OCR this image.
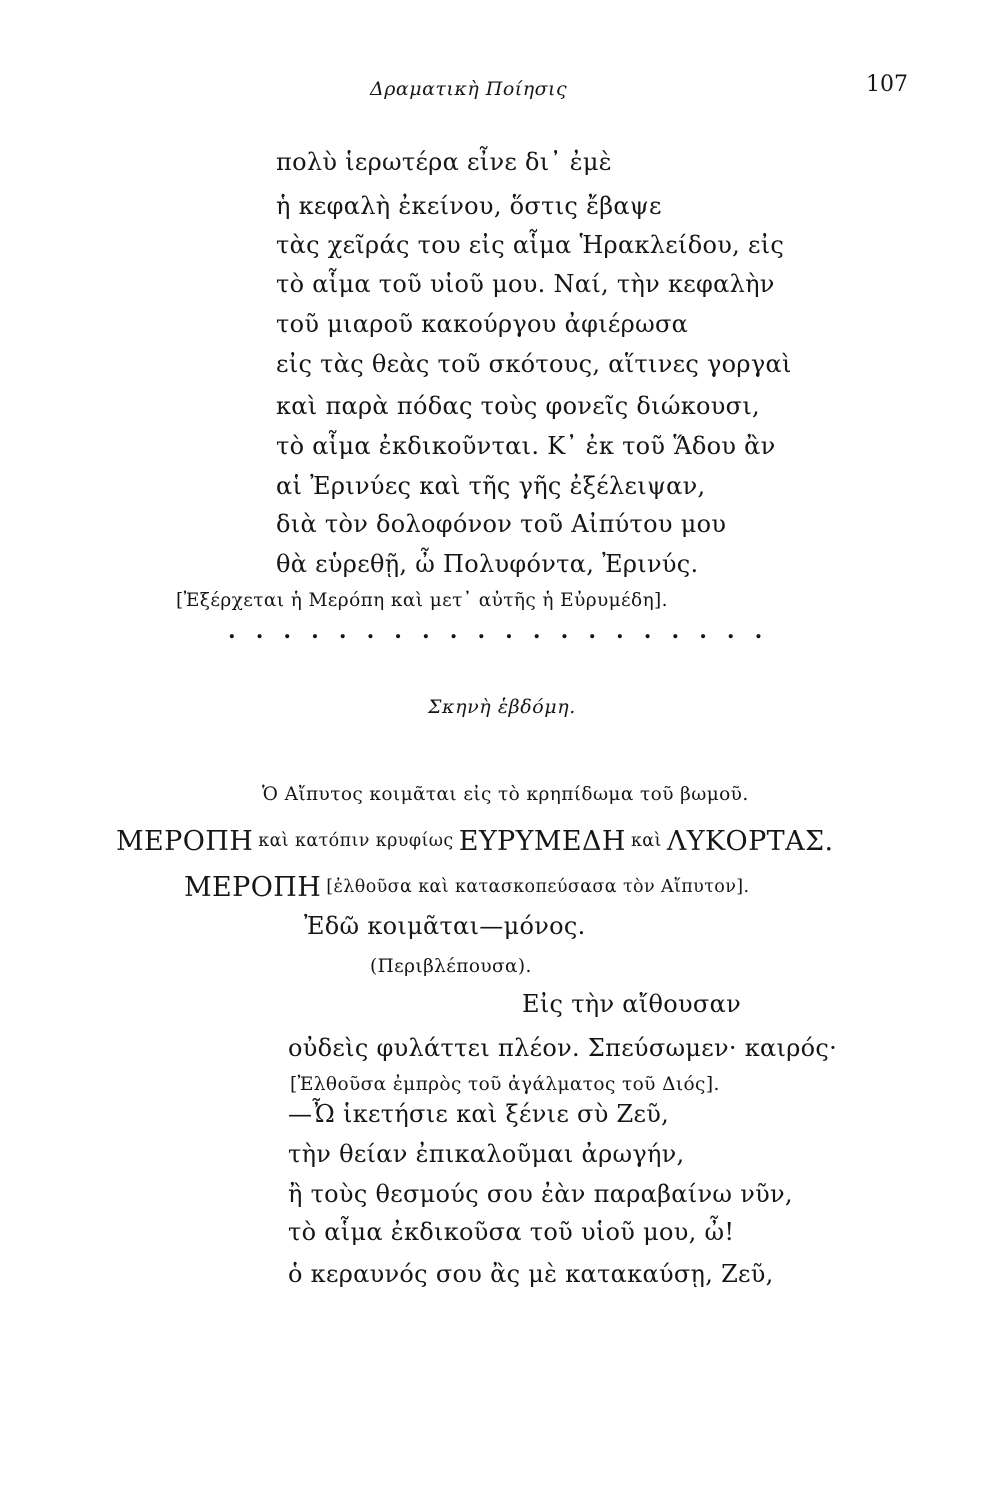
Δραματικὴ Ποίησις	107
πολὺ ἱερωτέρα εἶνε δι᾽ ἐμὲ
ἡ κεφαλὴ ἐκείνου, ὅστις ἔβαψε
τὰς χεῖράς του εἰς αἷμα Ἡρακλείδου, εἰς
τὸ αἷμα τοῦ υἱοῦ μου. Ναί, τὴν κεφαλὴν
τοῦ μιαροῦ κακούργου ἀφιέρωσα
εἰς τὰς θεὰς τοῦ σκότους, αἵτινες γοργαὶ
καὶ παρὰ πόδας τοὺς φονεῖς διώκουσι,
τὸ αἷμα ἐκδικοῦνται. Κ᾽ ἐκ τοῦ Ἅδου ἂν
αἱ Ἐρινύες καὶ τῆς γῆς ἐξέλειψαν,
διὰ τὸν δολοφόνον τοῦ Αἰπύτου μου
θὰ εὑρεθῇ, ὦ Πολυφόντα, Ἐρινύς.
[Ἐξέρχεται ἡ Μερόπη καὶ μετ᾽ αὐτῆς ἡ Εὐρυμέδη].
. . . . . . . . . . . . . . . . . . . .
Σκηνὴ ἑβδόμη.
Ὁ Αἴπυτος κοιμᾶται εἰς τὸ κρηπίδωμα τοῦ βωμοῦ.
ΜΕΡΟΠΗ καὶ κατόπιν κρυφίως ΕΥΡΥΜΕΔΗ καὶ ΛΥΚΟΡΤΑΣ.
ΜΕΡΟΠΗ [ἐλθοῦσα καὶ κατασκοπεύσασα τὸν Αἴπυτον].
Ἐδῶ κοιμᾶται—μόνος.
(Περιβλέπουσα).
Εἰς τὴν αἴθουσαν
οὐδεὶς φυλάττει πλέον. Σπεύσωμεν· καιρός·
[Ἐλθοῦσα ἐμπρὸς τοῦ ἀγάλματος τοῦ Διός].
—Ὦ ἱκετήσιε καὶ ξένιε σὺ Ζεῦ,
τὴν θείαν ἐπικαλοῦμαι ἀρωγήν,
ἢ τοὺς θεσμούς σου ἐὰν παραβαίνω νῦν,
τὸ αἷμα ἐκδικοῦσα τοῦ υἱοῦ μου, ὦ!
ὁ κεραυνός σου ἂς μὲ κατακαύσῃ, Ζεῦ,
